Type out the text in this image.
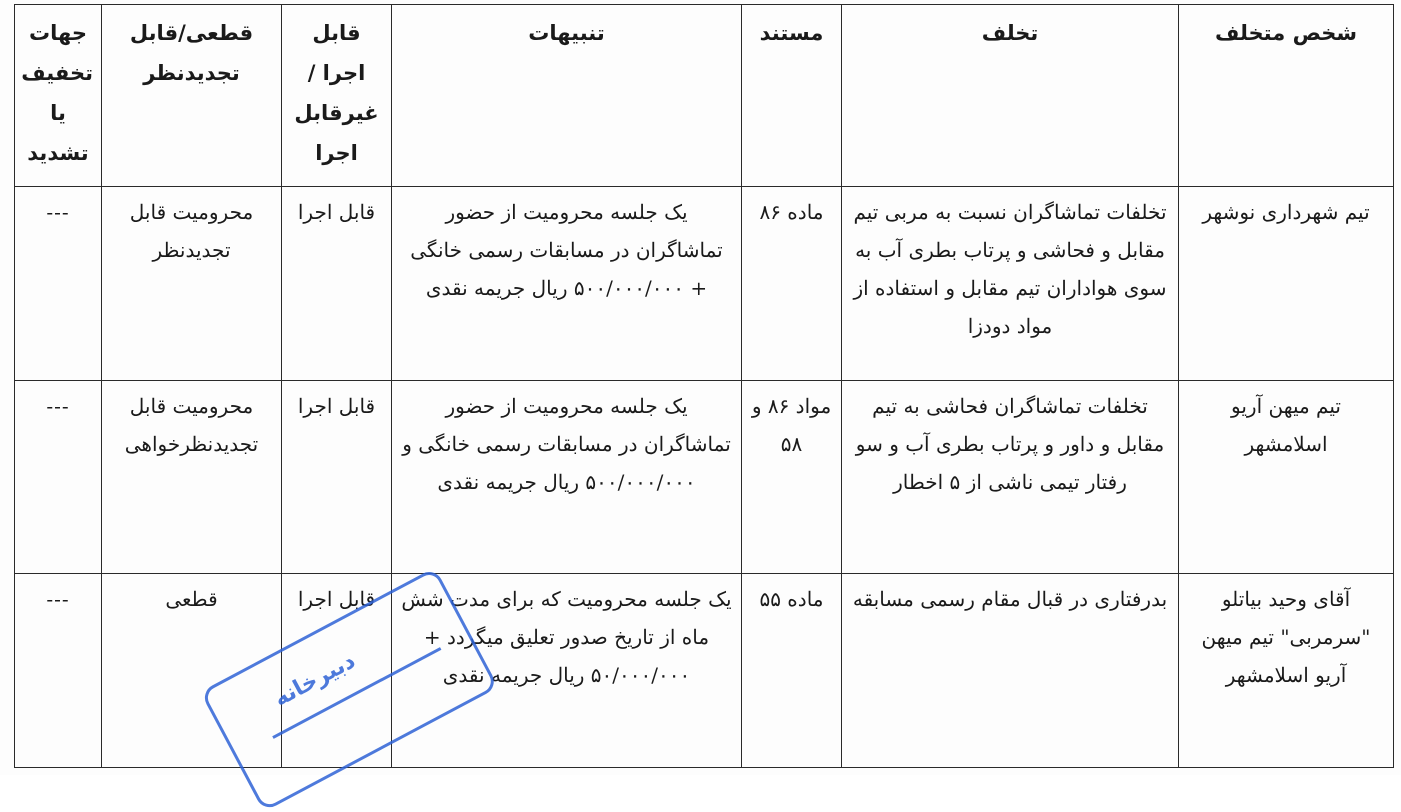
شخص متخلف	تخلف	مستند	تنبیهات	قابل اجرا /غیرقابل اجرا	قطعی/قابل تجدیدنظر	جهات تخفیف یا تشدید
تیم شهرداری نوشهر	تخلفات تماشاگران نسبت به مربی تیم مقابل و فحاشی و پرتاب بطری آب به سوی هواداران تیم مقابل و استفاده از مواد دودزا	ماده ۸۶	یک جلسه محرومیت از حضور تماشاگران در مسابقات رسمی خانگی + ۵۰۰/۰۰۰/۰۰۰ ریال جریمه نقدی	قابل اجرا	محرومیت قابل تجدیدنظر	---
تیم میهن آریو اسلامشهر	تخلفات تماشاگران فحاشی به تیم مقابل و داور و پرتاب بطری آب و سو رفتار تیمی ناشی از ۵ اخطار	مواد ۸۶ و ۵۸	یک جلسه محرومیت از حضور تماشاگران در مسابقات رسمی خانگی و ۵۰۰/۰۰۰/۰۰۰ ریال جریمه نقدی	قابل اجرا	محرومیت قابل تجدیدنظرخواهی	---
آقای وحید بیاتلو "سرمربی" تیم میهن آریو اسلامشهر	بدرفتاری در قبال مقام رسمی مسابقه	ماده ۵۵	یک جلسه محرومیت که برای مدت شش ماه از تاریخ صدور تعلیق میگردد + ۵۰/۰۰۰/۰۰۰ ریال جریمه نقدی	قابل اجرا	قطعی	---
دبیرخانه
